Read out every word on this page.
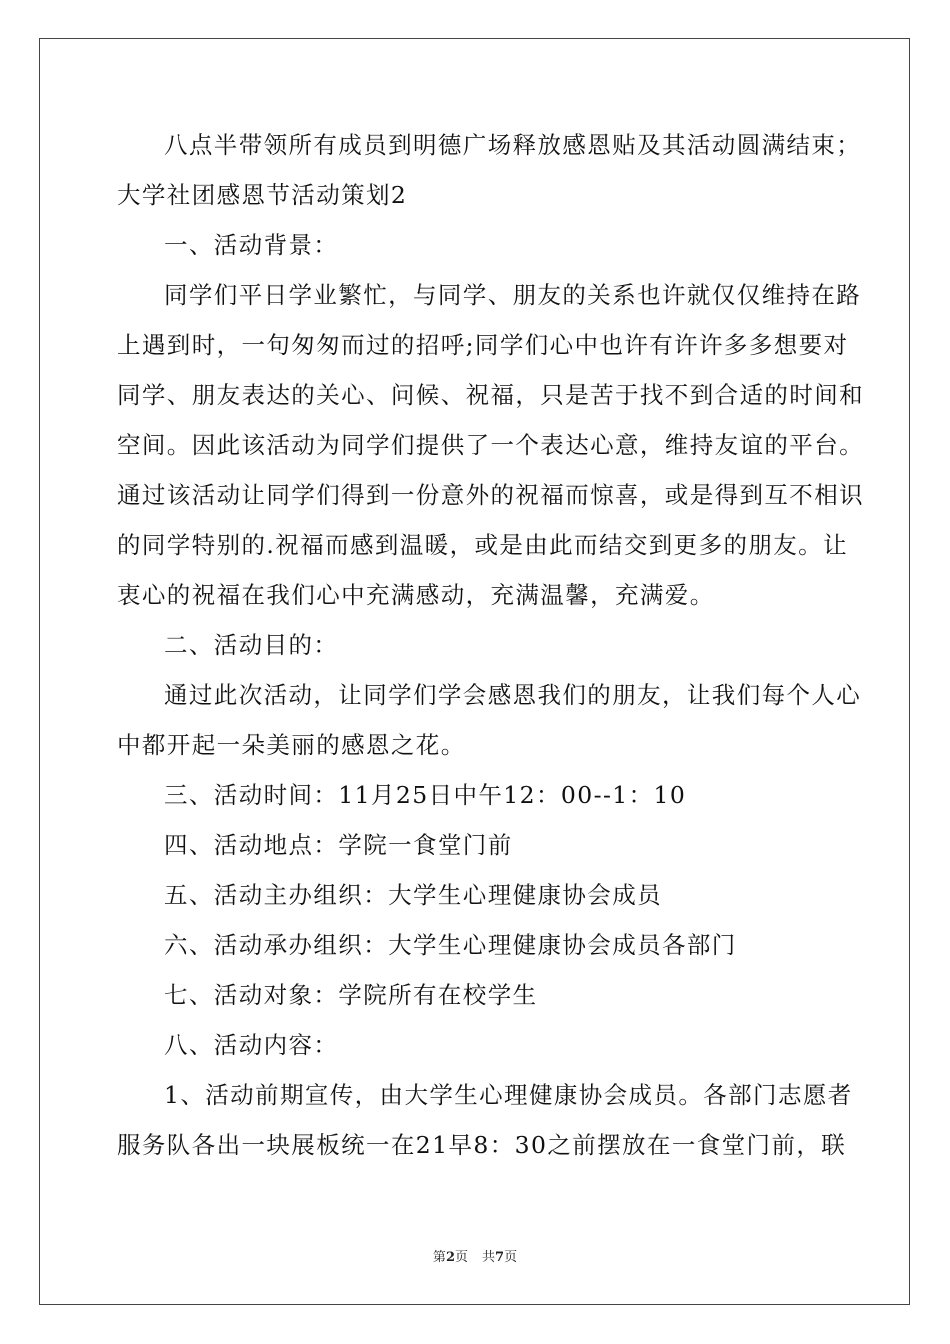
八点半带领所有成员到明德广场释放感恩贴及其活动圆满结束；
大学社团感恩节活动策划2
一、活动背景：
同学们平日学业繁忙，与同学、朋友的关系也许就仅仅维持在路
上遇到时，一句匆匆而过的招呼;同学们心中也许有许许多多想要对
同学、朋友表达的关心、问候、祝福，只是苦于找不到合适的时间和
空间。因此该活动为同学们提供了一个表达心意，维持友谊的平台。
通过该活动让同学们得到一份意外的祝福而惊喜，或是得到互不相识
的同学特别的.祝福而感到温暖，或是由此而结交到更多的朋友。让
衷心的祝福在我们心中充满感动，充满温馨，充满爱。
二、活动目的：
通过此次活动，让同学们学会感恩我们的朋友，让我们每个人心
中都开起一朵美丽的感恩之花。
三、活动时间：11月25日中午12：00--1：10
四、活动地点：学院一食堂门前
五、活动主办组织：大学生心理健康协会成员
六、活动承办组织：大学生心理健康协会成员各部门
七、活动对象：学院所有在校学生
八、活动内容：
1、活动前期宣传，由大学生心理健康协会成员。各部门志愿者
服务队各出一块展板统一在21早8：30之前摆放在一食堂门前，联
第2页 共7页
